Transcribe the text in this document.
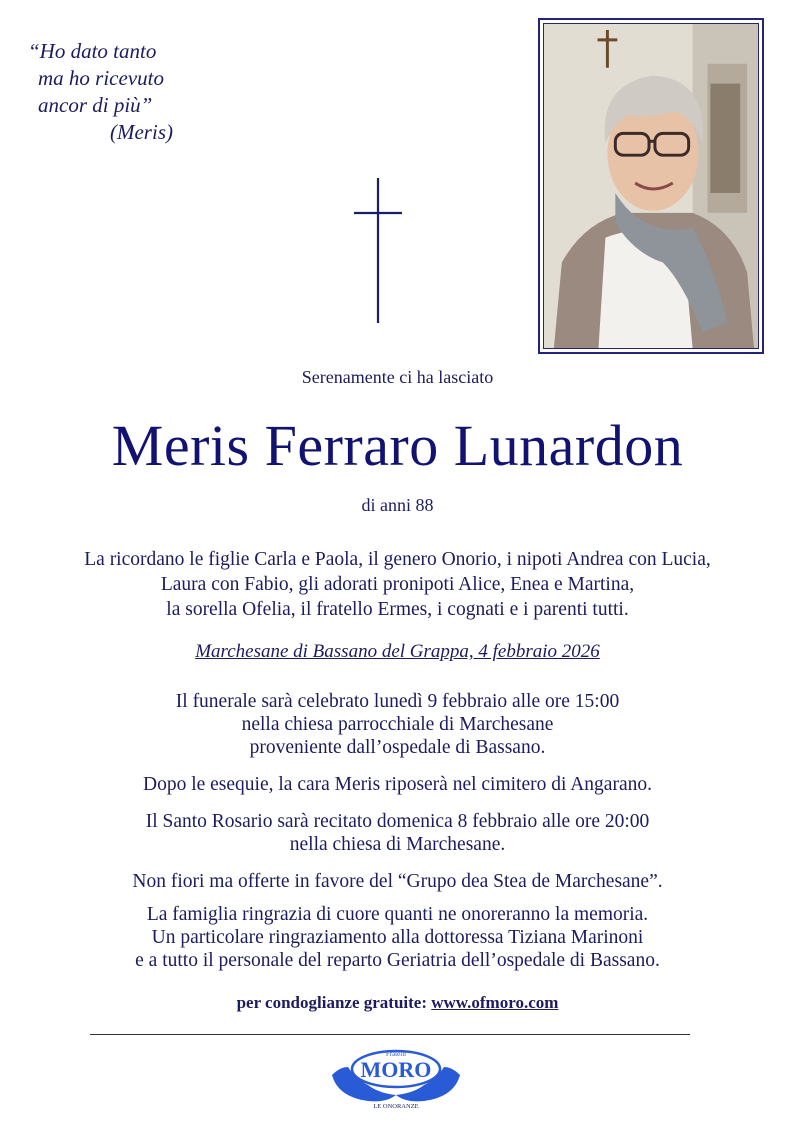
“Ho dato tanto
ma ho ricevuto
ancor di più”
(Meris)
Serenamente ci ha lasciato
Meris Ferraro Lunardon
di anni 88
La ricordano le figlie Carla e Paola, il genero Onorio, i nipoti Andrea con Lucia,
Laura con Fabio, gli adorati pronipoti Alice, Enea e Martina,
la sorella Ofelia, il fratello Ermes, i cognati e i parenti tutti.
Marchesane di Bassano del Grappa, 4 febbraio 2026
Il funerale sarà celebrato lunedì 9 febbraio alle ore 15:00
nella chiesa parrocchiale di Marchesane
proveniente dall’ospedale di Bassano.
Dopo le esequie, la cara Meris riposerà nel cimitero di Angarano.
Il Santo Rosario sarà recitato domenica 8 febbraio alle ore 20:00
nella chiesa di Marchesane.
Non fiori ma offerte in favore del “Grupo dea Stea de Marchesane”.
La famiglia ringrazia di cuore quanti ne onoreranno la memoria.
Un particolare ringraziamento alla dottoressa Tiziana Marinoni
e a tutto il personale del reparto Geriatria dell’ospedale di Bassano.
per condoglianze gratuite: www.ofmoro.com
Fratelli
MORO
LE ONORANZE
